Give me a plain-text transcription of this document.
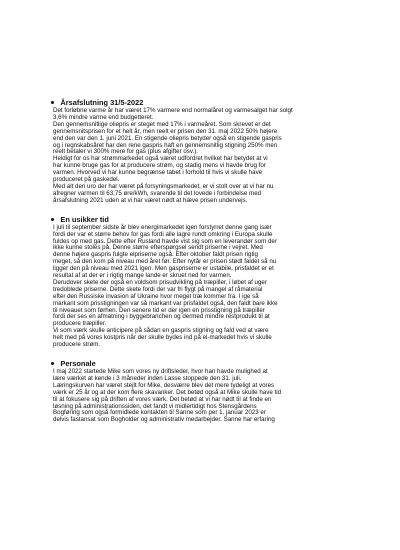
Årsafslutning 31/5-2022
Det forløbne varme år har været 17% varmere end normalåret og varmesalget har solgt
3,6% mindre varme end budgetteret.
Den gennemsnitlige oliepris er steget med 17% i varmeåret. Som skrevet er det
gennemsnitsprisen for et helt år, men reelt er prisen den 31. maj 2022 50% højere
end den var den 1. juni 2021. En stigende oliepris betyder også en stigende gaspris
og i regnskabsåret har den rene gaspris haft en gennemsnitlig stigning 250% men
reelt betaler vi 300% mere for gas (plus afgifter osv.).
Heldigt for os har strømmarkedet også været udfordret hvilket har betydet at vi
har kunne bruge gas for at producere strøm, og stadig mens vi havde brug for
varmen. Hvorved vi har kunne begrænse tabet i forhold til hvis vi skulle have
produceret på gaskedel.
Med alt den uro der har været på forsyningsmarkedet, er vi stolt over at vi har nu
afregner varmen til 63,75 øre/kWh, svarende til det lovede i forbindelse med
årsafslutning 2021 uden at vi har været nødt at hæve prisen undervejs.
En usikker tid
I juli til september sidste år blev energimarkedet igen forstyrret denne gang især
fordi der var et større behov for gas fordi alle lagre rundt omkring i Europa skulle
fuldes op med gas. Dette efter Rusland havde vist sig som en leverandør som der
ikke kunne stoles på. Denne større efterspørgsel sendt priserne i vejret. Med
denne højere gaspris fulgte elpriserne også. Efter oktober faldt prisen rigtig
meget, så den kom på niveau med året før. Efter nytår er prisen stødt faldet så nu
ligger den på niveau med 2021 igen. Men gaspriserne er ustabile, prisfaldet er et
resultat af at der er i rigtig mange lande er skruet ned for varmen.
Derudover skete der også en voldsom prisudvikling på træpiller, i løbet af uger
tredoblede priserne. Dette skete fordi der var fri flygt på mangel af råmaterial
efter den Russiske invasion af Ukraine hvor meget træ kommer fra. I ige så
markant som prisstigningen var så markant var prisfaldet også, den faldt bare ikke
til niveauet som førhen. Den senere tid er der igen en prisstigning på træpiller
fordi der ses en afmatning i byggebranchen og dermed mindre restprodukt til at
producere træpiller.
Vi som værk skulle anticipere på sådan en gaspris stigning og fald ved at være
helt med på vores kostpris når der skulle bydes ind på el-markedet hvis vi skulle
producere strøm.
Personale
I maj 2022 startede Mike som vores ny driftsleder, hvor han havde mulighed at
lære værket at kende i 3 måneder inden Lasse stoppede den 31. juli.
Læringskurven har været stejlt for Mike, desværre blev det mere tydeligt at vores
værk er 25 år og at der kom flere skavanker. Det betød også at Mike skulle have tid
til at fokusere sig på driften af vores værk. Det betød at vi har nødt til at finde en
løsning på administrationssiden, det fandt vi midlertidigt hos Stensgårdens
Bogføring som også formidlede kontakten til Sanne som per 1. januar 2023 er
delvis fastansat som Bogholder og administrativ medarbejder. Sanne har erfaring
